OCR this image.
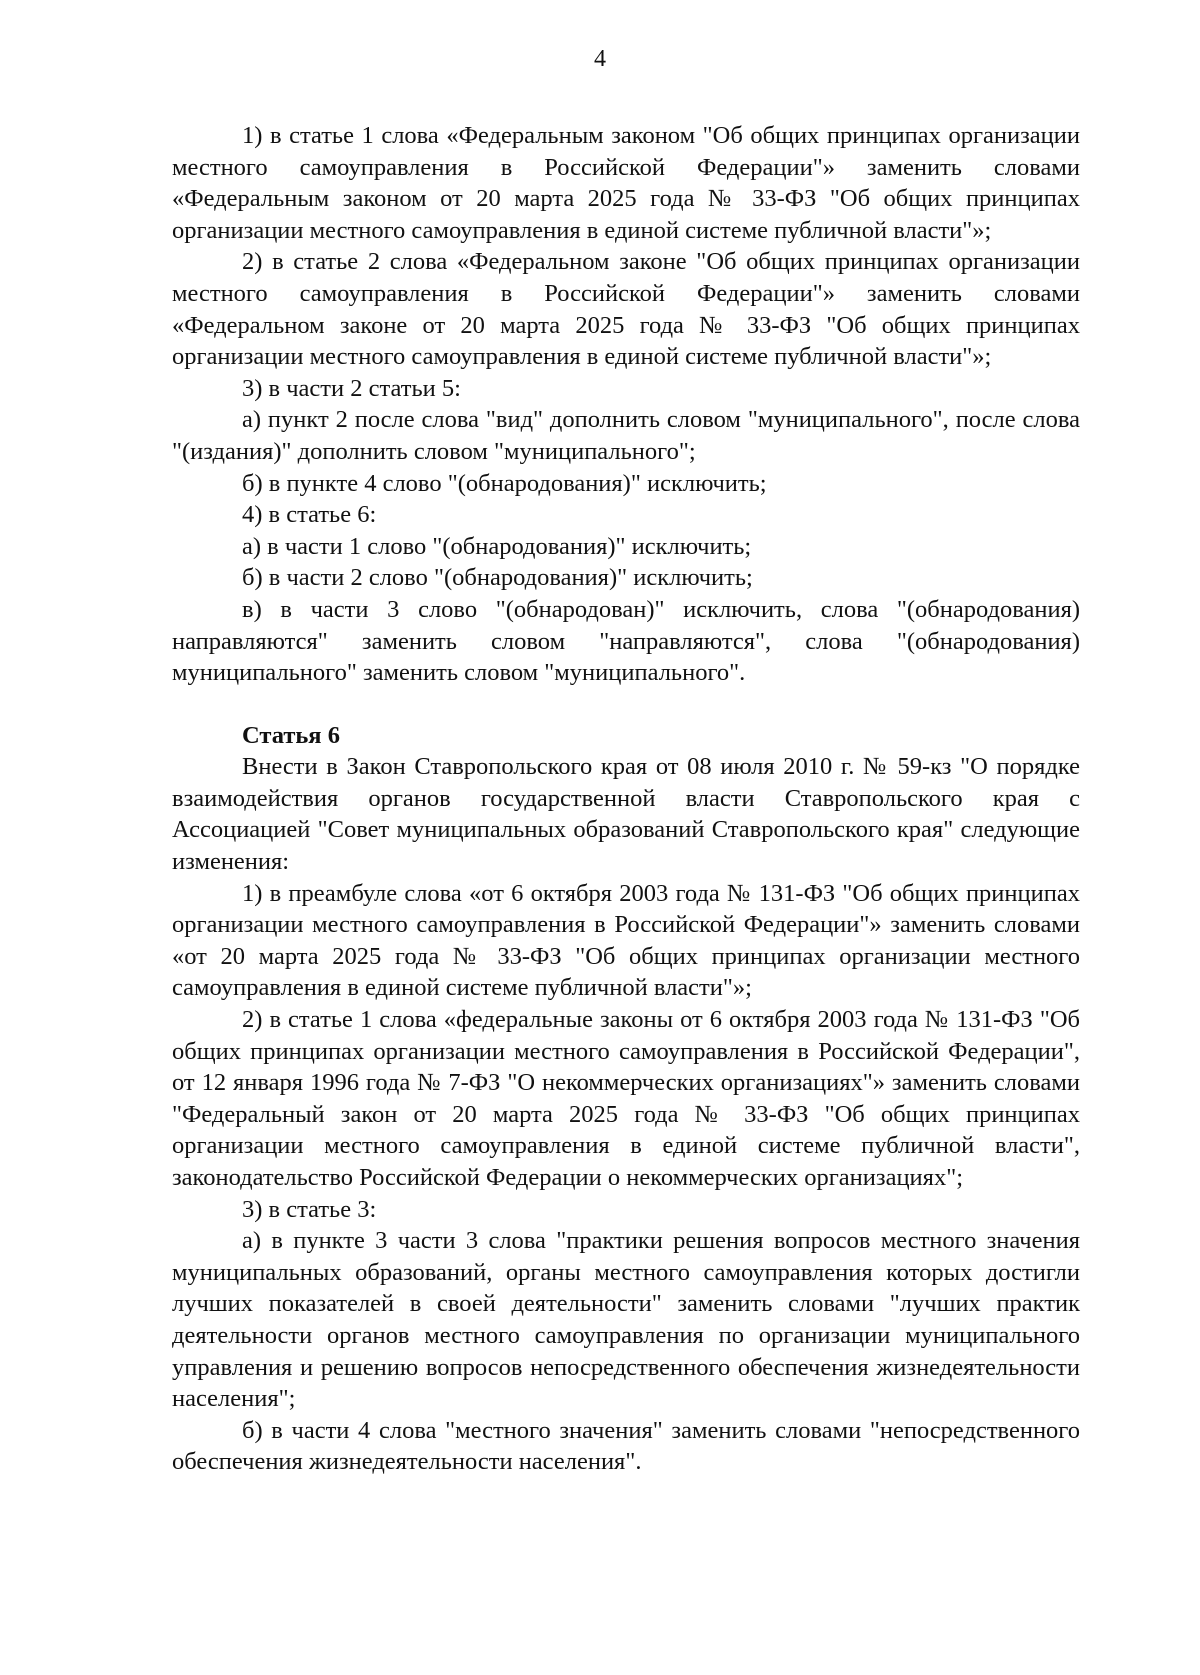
4

1) в статье 1 слова «Федеральным законом "Об общих принципах организации местного самоуправления в Российской Федерации"» заменить словами «Федеральным законом от 20 марта 2025 года № 33-ФЗ "Об общих принципах организации местного самоуправления в единой системе публичной власти"»;

2) в статье 2 слова «Федеральном законе "Об общих принципах организации местного самоуправления в Российской Федерации"» заменить словами «Федеральном законе от 20 марта 2025 года № 33-ФЗ "Об общих принципах организации местного самоуправления в единой системе публичной власти"»;

3) в части 2 статьи 5:

а) пункт 2 после слова "вид" дополнить словом "муниципального", после слова "(издания)" дополнить словом "муниципального";

б) в пункте 4 слово "(обнародования)" исключить;

4) в статье 6:

а) в части 1 слово "(обнародования)" исключить;

б) в части 2 слово "(обнародования)" исключить;

в) в части 3 слово "(обнародован)" исключить, слова "(обнародования) направляются" заменить словом "направляются", слова "(обнародования) муниципального" заменить словом "муниципального".

Статья 6

Внести в Закон Ставропольского края от 08 июля 2010 г. № 59-кз "О порядке взаимодействия органов государственной власти Ставропольского края с Ассоциацией "Совет муниципальных образований Ставропольского края" следующие изменения:

1) в преамбуле слова «от 6 октября 2003 года № 131-ФЗ "Об общих принципах организации местного самоуправления в Российской Федерации"» заменить словами «от 20 марта 2025 года № 33-ФЗ "Об общих принципах организации местного самоуправления в единой системе публичной власти"»;

2) в статье 1 слова «федеральные законы от 6 октября 2003 года № 131-ФЗ "Об общих принципах организации местного самоуправления в Российской Федерации", от 12 января 1996 года № 7-ФЗ "О некоммерческих организациях"» заменить словами "Федеральный закон от 20 марта 2025 года № 33-ФЗ "Об общих принципах организации местного самоуправления в единой системе публичной власти", законодательство Российской Федерации о некоммерческих организациях";

3) в статье 3:

а) в пункте 3 части 3 слова "практики решения вопросов местного значения муниципальных образований, органы местного самоуправления которых достигли лучших показателей в своей деятельности" заменить словами "лучших практик деятельности органов местного самоуправления по организации муниципального управления и решению вопросов непосредственного обеспечения жизнедеятельности населения";

б) в части 4 слова "местного значения" заменить словами "непосредственного обеспечения жизнедеятельности населения".
